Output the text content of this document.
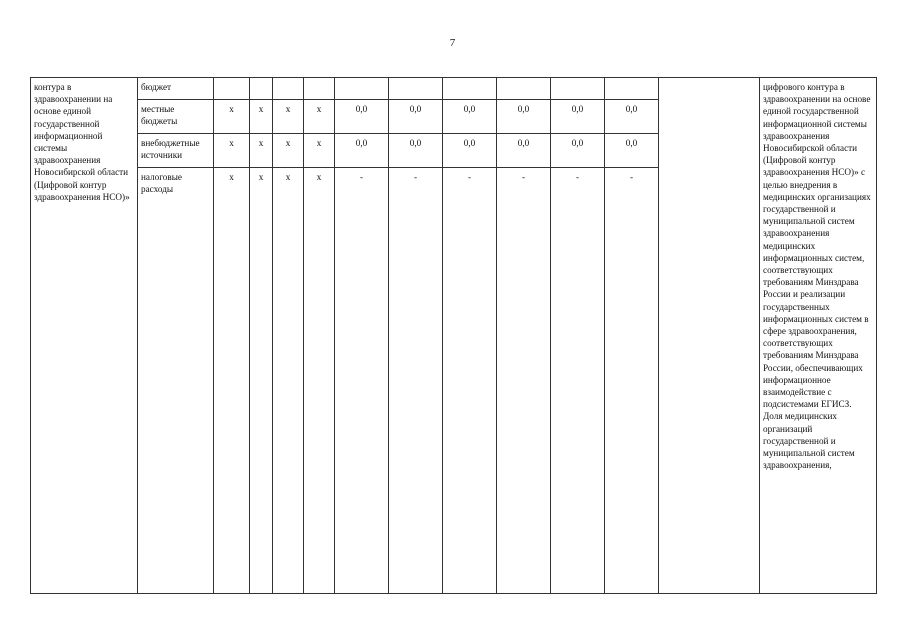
7
контура в здравоохранении на основе единой государственной информационной системы здравоохранения Новосибирской области (Цифровой контур здравоохранения НСО)»	бюджет												цифрового контура в здравоохранении на основе единой государственной информационной системы здравоохранения Новосибирской области (Цифровой контур здравоохранения НСО)» с целью внедрения в медицинских организациях государственной и муниципальной систем здравоохранения медицинских информационных систем, соответствующих требованиям Минздрава России и реализации государственных информационных систем в сфере здравоохранения, соответствующих требованиям Минздрава России, обеспечивающих информационное взаимодействие с подсистемами ЕГИСЗ. Доля медицинских организаций государственной и муниципальной систем здравоохранения,
	местные бюджеты	x	x	x	x	0,0	0,0	0,0	0,0	0,0	0,0		
	внебюджетные источники	x	x	x	x	0,0	0,0	0,0	0,0	0,0	0,0		
	налоговые расходы	x	x	x	x	-	-	-	-	-	-		
